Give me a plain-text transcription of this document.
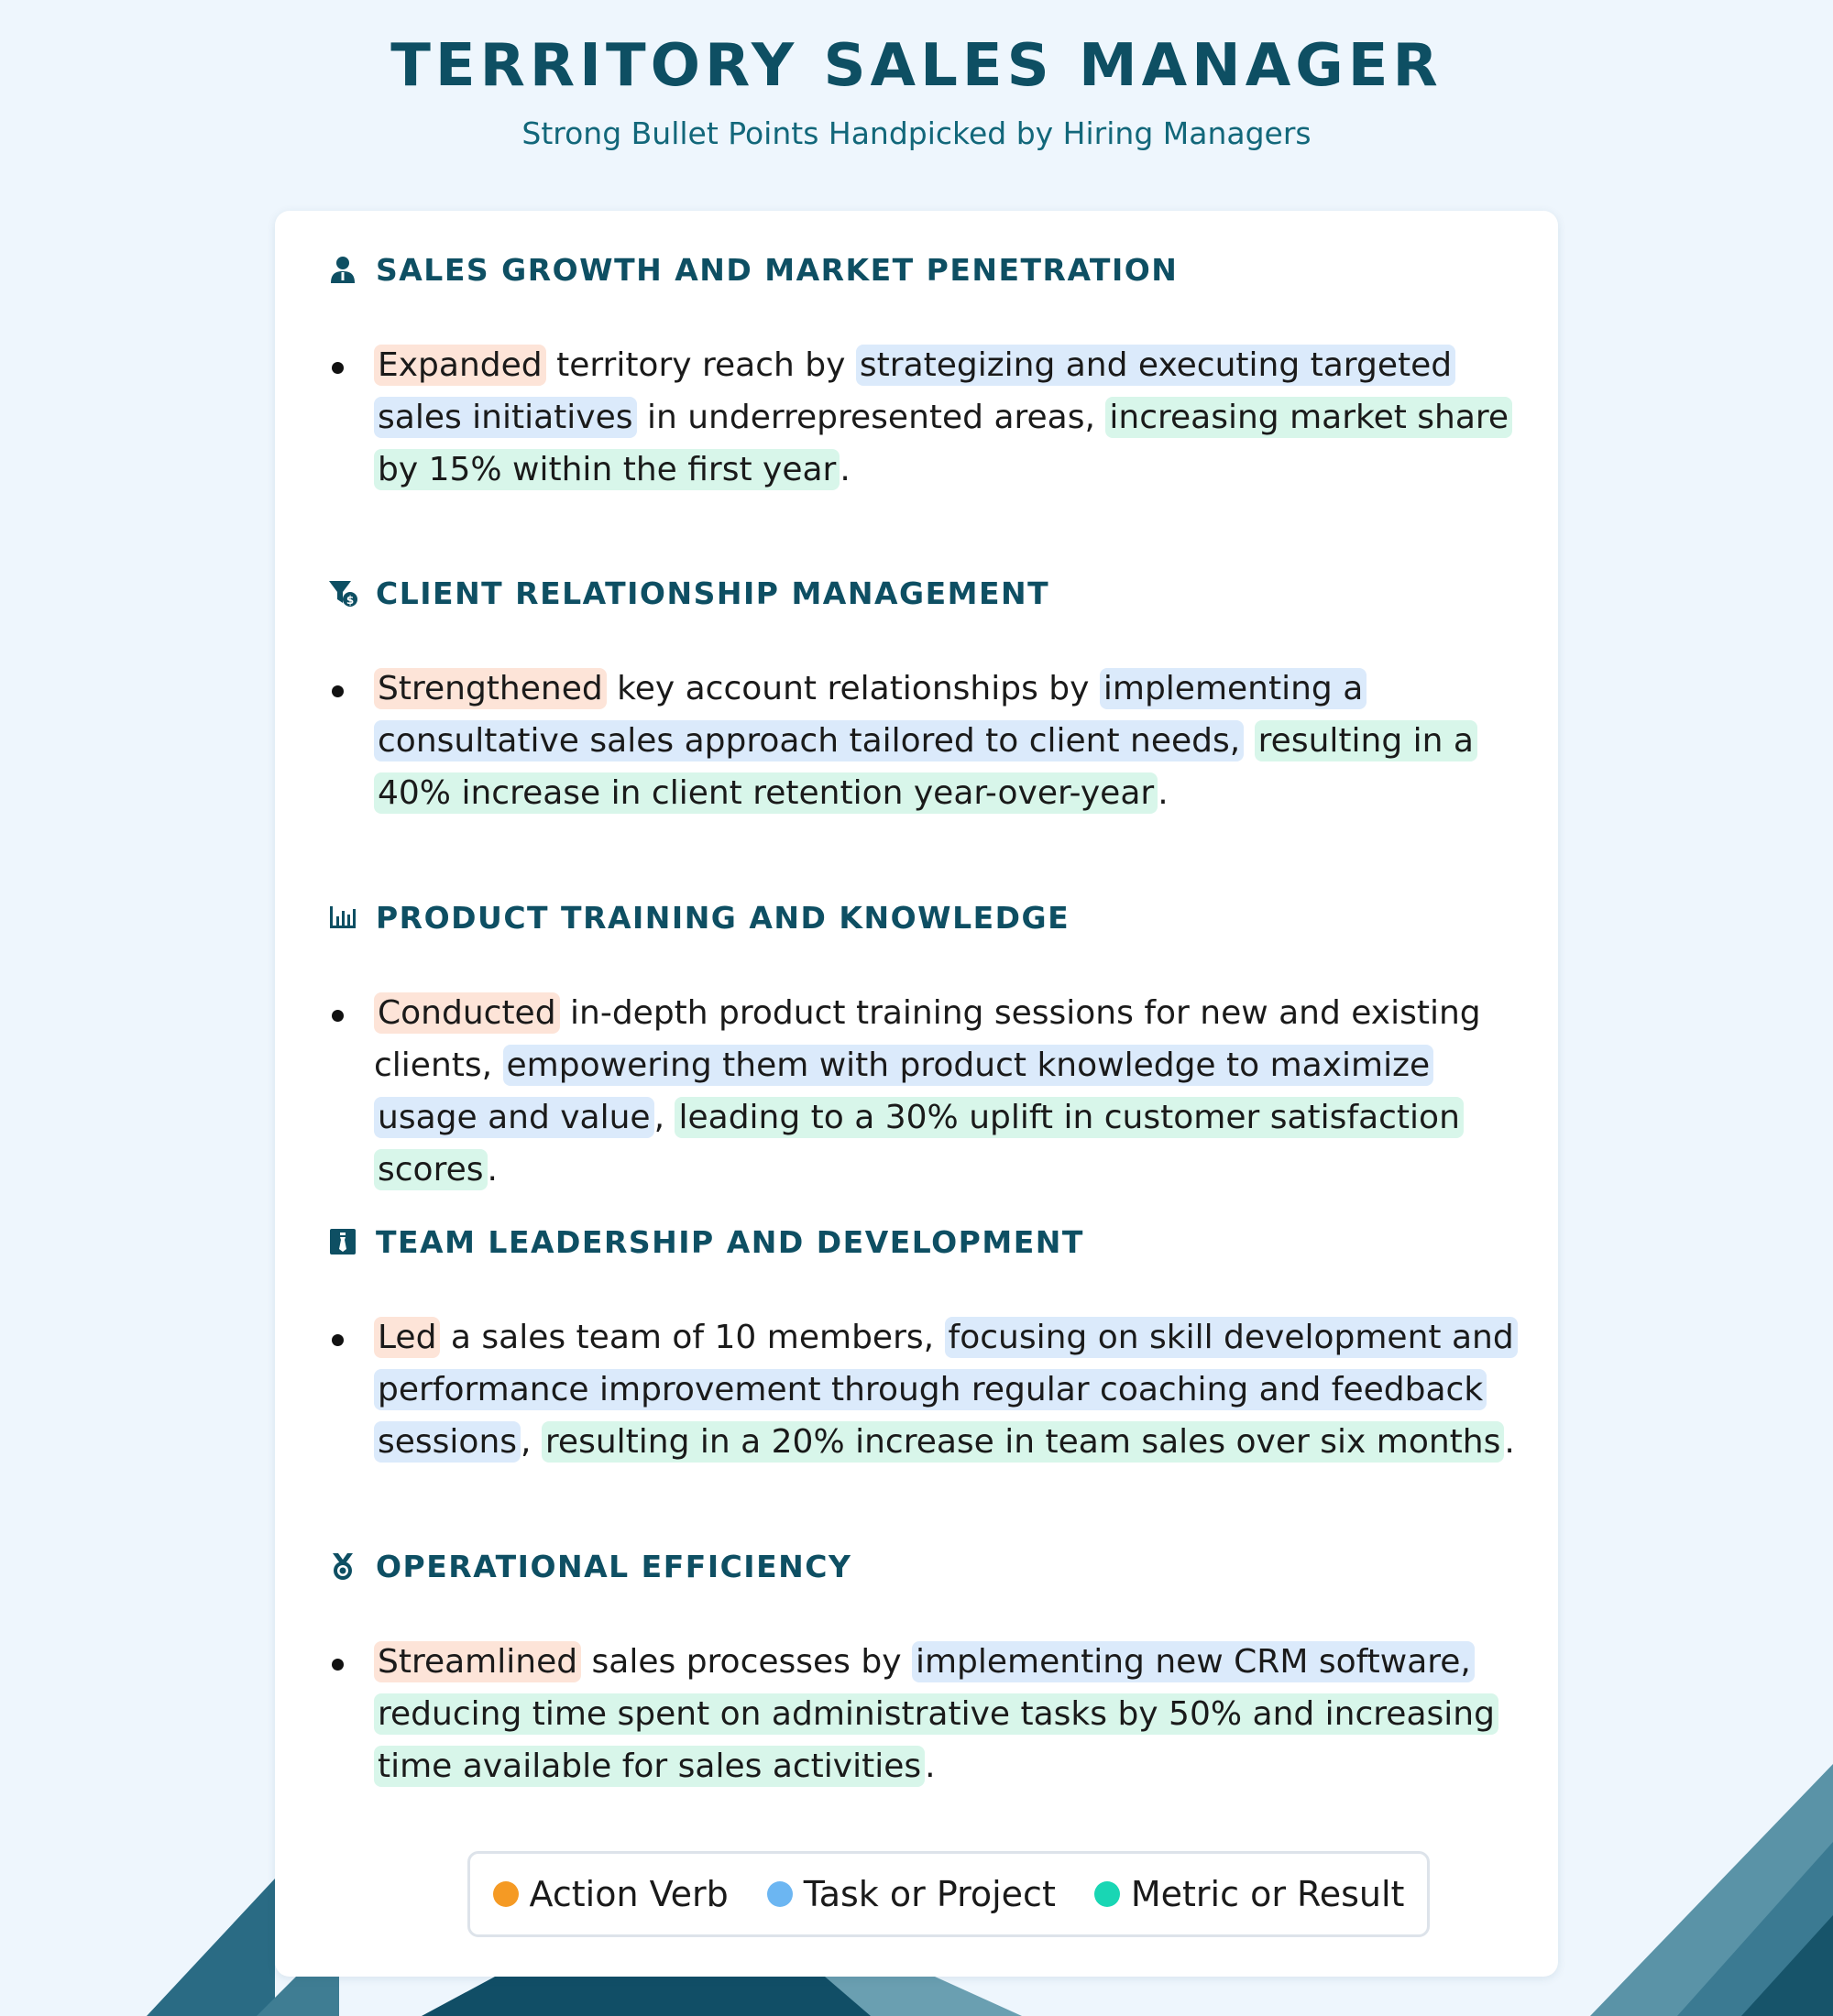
TERRITORY SALES MANAGER
Strong Bullet Points Handpicked by Hiring Managers
SALES GROWTH AND MARKET PENETRATION
Expanded territory reach by strategizing and executing targeted sales initiatives in underrepresented areas, increasing market share by 15% within the first year .
$ CLIENT RELATIONSHIP MANAGEMENT
Strengthened key account relationships by implementing a consultative sales approach tailored to client needs, resulting in a 40% increase in client retention year-over-year .
PRODUCT TRAINING AND KNOWLEDGE
Conducted in-depth product training sessions for new and existing clients, empowering them with product knowledge to maximize usage and value , leading to a 30% uplift in customer satisfaction scores .
TEAM LEADERSHIP AND DEVELOPMENT
Led a sales team of 10 members, focusing on skill development and performance improvement through regular coaching and feedback sessions , resulting in a 20% increase in team sales over six months .
OPERATIONAL EFFICIENCY
Streamlined sales processes by implementing new CRM software, reducing time spent on administrative tasks by 50% and increasing time available for sales activities .
Action Verb Task or Project Metric or Result
